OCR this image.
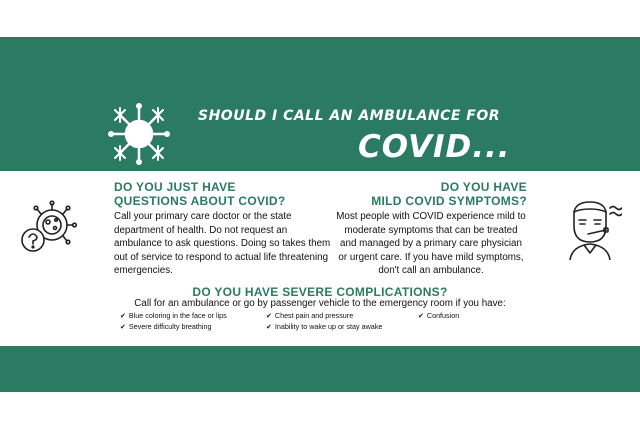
SHOULD I CALL AN AMBULANCE FOR
COVID...
DO YOU JUST HAVE
QUESTIONS ABOUT COVID?
Call your primary care doctor or the state department of health. Do not request an ambulance to ask questions. Doing so takes them out of service to respond to actual life threatening emergencies.
DO YOU HAVE
MILD COVID SYMPTOMS?
Most people with COVID experience mild to moderate symptoms that can be treated and managed by a primary care physician or urgent care. If you have mild symptoms, don't call an ambulance.
DO YOU HAVE SEVERE COMPLICATIONS?
Call for an ambulance or go by passenger vehicle to the emergency room if you have:
✔ Blue coloring in the face or lips	✔ Chest pain and pressure	✔ Confusion
✔ Severe difficulty breathing	✔ Inability to wake up or stay awake
